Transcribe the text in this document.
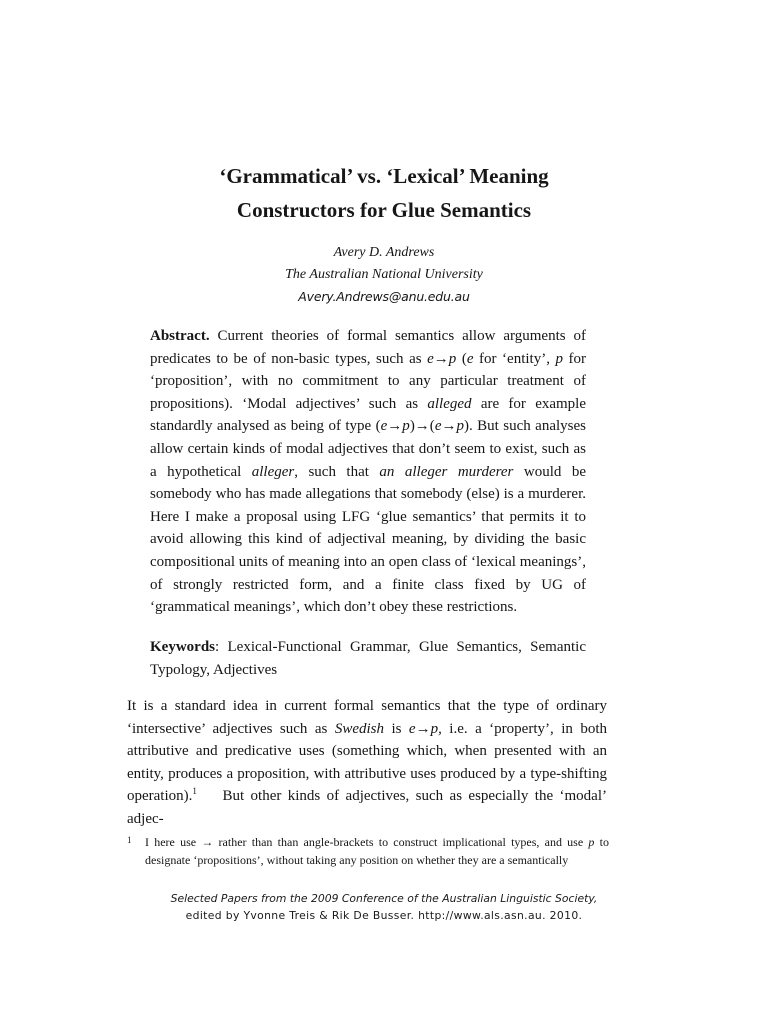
‘Grammatical’ vs. ‘Lexical’ Meaning
Constructors for Glue Semantics
Avery D. Andrews
The Australian National University
Avery.Andrews@anu.edu.au

Abstract. Current theories of formal semantics allow arguments of predicates to be of non-basic types, such as e→p (e for ‘entity’, p for ‘proposition’, with no commitment to any particular treatment of propositions). ‘Modal adjectives’ such as alleged are for example standardly analysed as being of type (e→p)→(e→p). But such analyses allow certain kinds of modal adjectives that don’t seem to exist, such as a hypothetical alleger, such that an alleger murderer would be somebody who has made allegations that somebody (else) is a murderer. Here I make a proposal using LFG ‘glue semantics’ that permits it to avoid allowing this kind of adjectival meaning, by dividing the basic compositional units of meaning into an open class of ‘lexical meanings’, of strongly restricted form, and a finite class fixed by UG of ‘grammatical meanings’, which don’t obey these restrictions.

Keywords: Lexical-Functional Grammar, Glue Semantics, Semantic Typology, Adjectives

It is a standard idea in current formal semantics that the type of ordinary ‘intersective’ adjectives such as Swedish is e→p, i.e. a ‘property’, in both attributive and predicative uses (something which, when presented with an entity, produces a proposition, with attributive uses produced by a type-shifting operation).$^1$    But other kinds of adjectives, such as especially the ‘modal’ adjec-

1	I here use → rather than than angle-brackets to construct implicational types, and use p to designate ‘propositions’, without taking any position on whether they are a semantically
Selected Papers from the 2009 Conference of the Australian Linguistic Society,
edited by Yvonne Treis & Rik De Busser. http://www.als.asn.au. 2010.
